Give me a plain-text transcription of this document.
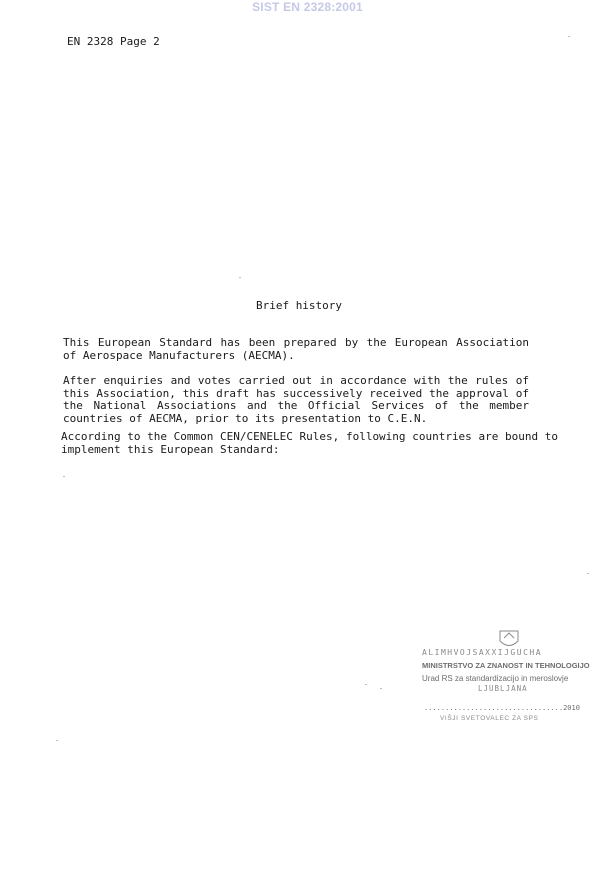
SIST EN 2328:2001
EN 2328 Page 2
Brief history

This European Standard has been prepared by the European Association of Aerospace Manufacturers (AECMA).

After enquiries and votes carried out in accordance with the rules of this Association, this draft has successively received the approval of the National Associations and the Official Services of the member countries of AECMA, prior to its presentation to C.E.N.

According to the Common CEN/CENELEC Rules, following countries are bound to implement this European Standard:

ALIMHVOJSAXXIJGUCHA
MINISTRSTVO ZA ZNANOST IN TEHNOLOGIJO
Urad RS za standardizacijo in meroslovje
LJUBLJANA
.................................2010
VIŠJI SVETOVALEC ZA SPS
